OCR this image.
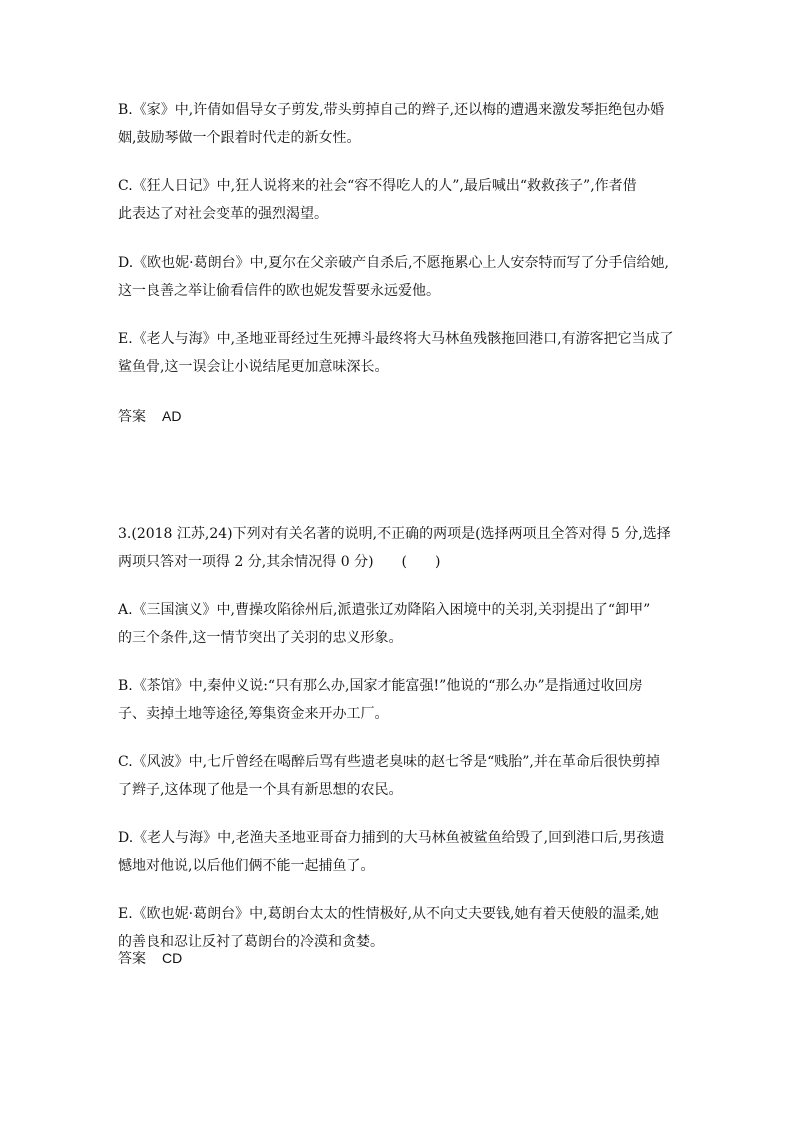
B.《家》中,许倩如倡导女子剪发,带头剪掉自己的辫子,还以梅的遭遇来激发琴拒绝包办婚
姻,鼓励琴做一个跟着时代走的新女性。
C.《狂人日记》中,狂人说将来的社会“容不得吃人的人”,最后喊出“救救孩子”,作者借
此表达了对社会变革的强烈渴望。
D.《欧也妮·葛朗台》中,夏尔在父亲破产自杀后,不愿拖累心上人安奈特而写了分手信给她,
这一良善之举让偷看信件的欧也妮发誓要永远爱他。
E.《老人与海》中,圣地亚哥经过生死搏斗最终将大马林鱼残骸拖回港口,有游客把它当成了
鲨鱼骨,这一误会让小说结尾更加意味深长。
答案 AD
3.(2018 江苏,24)下列对有关名著的说明,不正确的两项是(选择两项且全答对得 5 分,选择
两项只答对一项得 2 分,其余情况得 0 分)　　(　　)
A.《三国演义》中,曹操攻陷徐州后,派遣张辽劝降陷入困境中的关羽,关羽提出了“卸甲”
的三个条件,这一情节突出了关羽的忠义形象。
B.《茶馆》中,秦仲义说:“只有那么办,国家才能富强!”他说的“那么办”是指通过收回房
子、卖掉土地等途径,筹集资金来开办工厂。
C.《风波》中,七斤曾经在喝醉后骂有些遗老臭味的赵七爷是“贱胎”,并在革命后很快剪掉
了辫子,这体现了他是一个具有新思想的农民。
D.《老人与海》中,老渔夫圣地亚哥奋力捕到的大马林鱼被鲨鱼给毁了,回到港口后,男孩遗
憾地对他说,以后他们俩不能一起捕鱼了。
E.《欧也妮·葛朗台》中,葛朗台太太的性情极好,从不向丈夫要钱,她有着天使般的温柔,她
的善良和忍让反衬了葛朗台的冷漠和贪婪。
答案 CD
